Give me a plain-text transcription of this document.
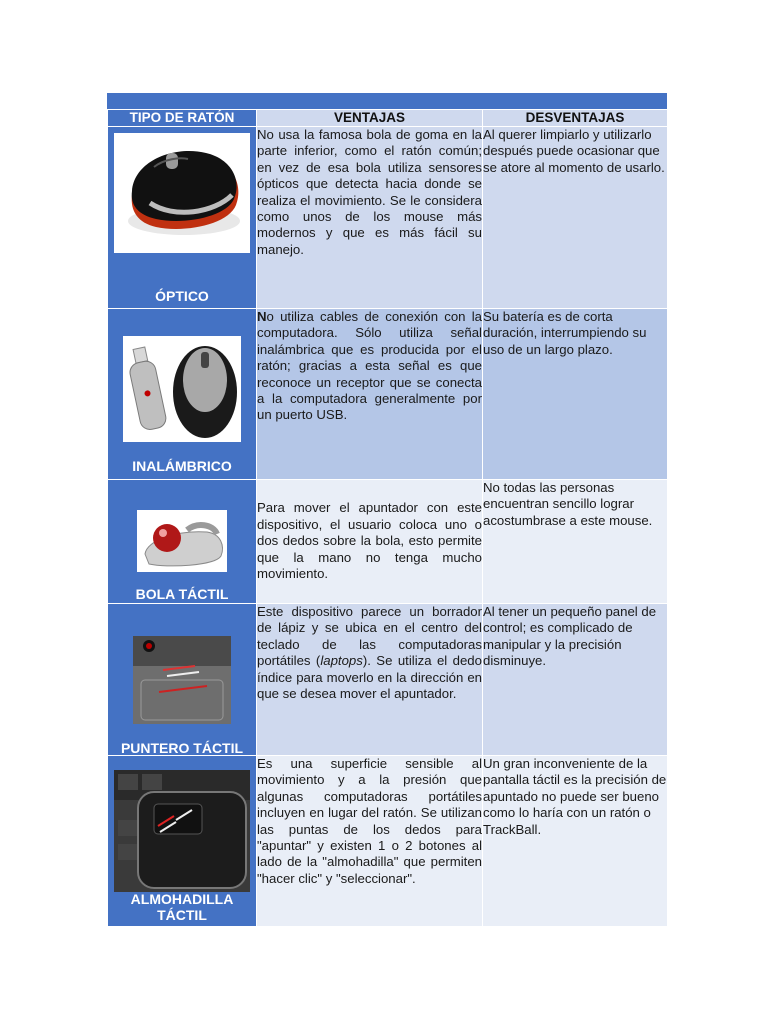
TIPO DE RATÓN	VENTAJAS	DESVENTAJAS

ÓPTICO	No usa la famosa bola de goma en la parte inferior, como el ratón común; en vez de esa bola utiliza sensores ópticos que detecta hacia donde se realiza el movimiento. Se le considera como unos de los mouse más modernos y que es más fácil su manejo.	Al querer limpiarlo y utilizarlo después puede ocasionar que se atore al momento de usarlo.

INALÁMBRICO	No utiliza cables de conexión con la computadora. Sólo utiliza señal inalámbrica que es producida por el ratón; gracias a esta señal es que reconoce un receptor que se conecta a la computadora generalmente por un puerto USB.	Su batería es de corta duración, interrumpiendo su uso de un largo plazo.

BOLA TÁCTIL	Para mover el apuntador con este dispositivo, el usuario coloca uno o dos dedos sobre la bola, esto permite que la mano no tenga mucho movimiento.	No todas las personas encuentran sencillo lograr acostumbrase a este mouse.

PUNTERO TÁCTIL	Este dispositivo parece un borrador de lápiz y se ubica en el centro del teclado de las computadoras portátiles (laptops). Se utiliza el dedo índice para moverlo en la dirección en que se desea mover el apuntador.	Al tener un pequeño panel de control; es complicado de manipular y la precisión disminuye.

ALMOHADILLA TÁCTIL	Es una superficie sensible al movimiento y a la presión que algunas computadoras portátiles incluyen en lugar del ratón. Se utilizan las puntas de los dedos para "apuntar" y existen 1 o 2 botones al lado de la "almohadilla" que permiten "hacer clic" y "seleccionar".	Un gran inconveniente de la pantalla táctil es la precisión de apuntado no puede ser bueno como lo haría con un ratón o TrackBall.
